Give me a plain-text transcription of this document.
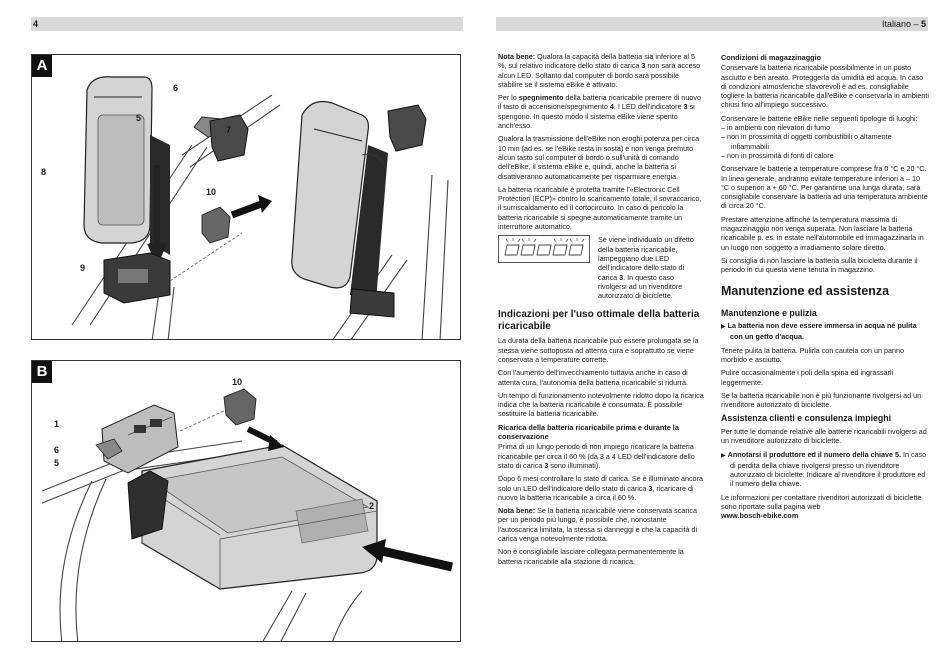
4	Italiano – 5
A
5
6
7
8
9
10
B
1
2
5
6
10

Nota bene: Qualora la capacità della batteria sia inferiore al 5 %, sul relativo indicatore dello stato di carica 3 non sarà acceso alcun LED. Soltanto dal computer di bordo sarà possibile stabilire se il sistema eBike è attivato.

Per lo spegnimento della batteria ricaricabile premere di nuovo il tasto di accensione/spegnimento 4. I LED dell'indicatore 3 si spengono. In questo modo il sistema eBike viene spento anch'esso.

Qualora la trasmissione dell'eBike non eroghi potenza per circa 10 min (ad es. se l'eBike resta in sosta) e non venga premuto alcun tasto sul computer di bordo o sull'unità di comando dell'eBike, il sistema eBike e, quindi, anche la batteria si disattiveranno automaticamente per risparmiare energia.

La batteria ricaricabile è protetta tramite l'«Electronic Cell Protection (ECP)» contro lo scaricamento totale, il sovraccarico, il surriscaldamento ed il cortocircuito. In caso di pericolo la batteria ricaricabile si spegne automaticamente tramite un interruttore automatico.

Se viene individuato un difetto della batteria ricaricabile, lampeggiano due LED dell'indicatore dello stato di carica 3. In questo caso rivolgersi ad un rivenditore autorizzato di biciclette.
Indicazioni per l'uso ottimale della batteria ricaricabile

La durata della batteria ricaricabile può essere prolungata se la stessa viene sottoposta ad attenta cura e soprattutto se viene conservata a temperature corrette.

Con l'aumento dell'invecchiamento tuttavia anche in caso di attenta cura, l'autonomia della batteria ricaricabile si ridurrà.

Un tempo di funzionamento notevolmente ridotto dopo la ricarica indica che la batteria ricaricabile è consumata. È possibile sostituire la batteria ricaricabile.

Ricarica della batteria ricaricabile prima e durante la conservazione

Prima di un lungo periodo di non impiego ricaricare la batteria ricaricabile per circa il 60 % (da 3 a 4 LED dell'indicatore dello stato di carica 3 sono illuminati).

Dopo 6 mesi controllare lo stato di carica. Se è illuminato ancora solo un LED dell'indicatore dello stato di carica 3, ricaricare di nuovo la batteria ricaricabile a circa il 60 %.

Nota bene: Se la batteria ricaricabile viene conservata scarica per un periodo più lungo, è possibile che, nonostante l'autoscarica limitata, la stessa si danneggi e che la capacità di carica venga notevolmente ridotta.

Non è consigliabile lasciare collegata permanentemente la batteria ricaricabile alla stazione di ricarica.

Condizioni di magazzinaggio

Conservare la batteria ricaricabile possibilmente in un posto asciutto e ben areato. Proteggerla da umidità ed acqua. In caso di condizioni atmosferiche sfavorevoli è ad es. consigliabile togliere la batteria ricaricabile dall'eBike e conservarla in ambienti chiusi fino all'impiego successivo.

Conservare le batterie eBike nelle seguenti tipologie di luoghi:

– in ambienti con rilevatori di fumo
– non in prossimità di oggetti combustibili o altamente infiammabili
– non in prossimità di fonti di calore

Conservare le batterie a temperature comprese fra 0 °C e 20 °C. In linea generale, andranno evitate temperature inferiori a – 10 °C o superiori a + 60 °C. Per garantirne una lunga durata, sarà consigliabile conservare la batteria ad una temperatura ambiente di circa 20 °C.

Prestare attenzione affinché la temperatura massima di magazzinaggio non venga superata. Non lasciare la batteria ricaricabile p. es. in estate nell'automobile ed immagazzinarla in un luogo non soggetto a irradiamento solare diretto.

Si consiglia di non lasciare la batteria sulla bicicletta durante il periodo in cui questa viene tenuta in magazzino.

Manutenzione ed assistenza
Manutenzione e pulizia

▶ La batteria non deve essere immersa in acqua né pulita con un getto d'acqua.

Tenere pulita la batteria. Pulirla con cautela con un panno morbido e asciutto.

Pulire occasionalmente i poli della spina ed ingrassarli leggermente.

Se la batteria ricaricabile non è più funzionante rivolgersi ad un rivenditore autorizzato di biciclette.

Assistenza clienti e consulenza impieghi

Per tutte le domande relative alle batterie ricaricabili rivolgersi ad un rivenditore autorizzato di biciclette.

▶ Annotarsi il produttore ed il numero della chiave 5. In caso di perdita della chiave rivolgersi presso un rivenditore autorizzato di biciclette. Indicare al rivenditore il produttore ed il numero della chiave.

Le informazioni per contattare rivenditori autorizzati di biciclette sono riportate sulla pagina web

www.bosch-ebike.com
